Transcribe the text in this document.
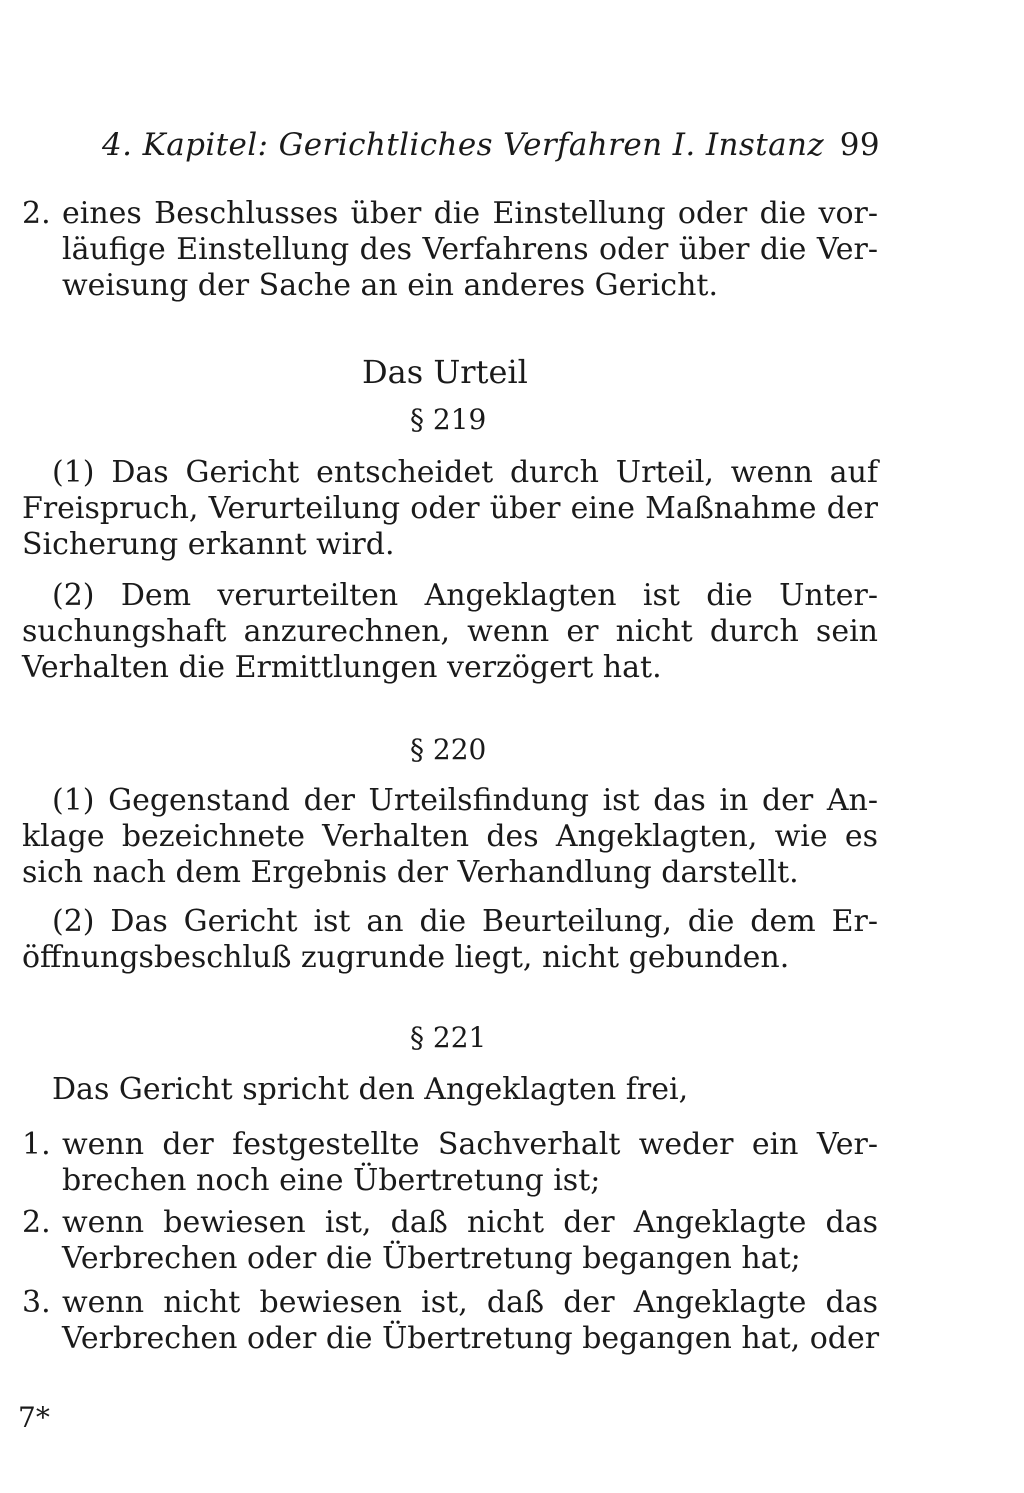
4. Kapitel: Gerichtliches Verfahren I. Instanz 99
2. eines Beschlusses über die Einstellung oder die vor-
läufige Einstellung des Verfahrens oder über die Ver-
weisung der Sache an ein anderes Gericht.
Das Urteil
§ 219
(1) Das Gericht entscheidet durch Urteil, wenn auf
Freispruch, Verurteilung oder über eine Maßnahme der
Sicherung erkannt wird.
(2) Dem verurteilten Angeklagten ist die Unter-
suchungshaft anzurechnen, wenn er nicht durch sein
Verhalten die Ermittlungen verzögert hat.
§ 220
(1) Gegenstand der Urteilsfindung ist das in der An-
klage bezeichnete Verhalten des Angeklagten, wie es
sich nach dem Ergebnis der Verhandlung darstellt.
(2) Das Gericht ist an die Beurteilung, die dem Er-
öffnungsbeschluß zugrunde liegt, nicht gebunden.
§ 221
Das Gericht spricht den Angeklagten frei,
1. wenn der festgestellte Sachverhalt weder ein Ver-
brechen noch eine Übertretung ist;
2. wenn bewiesen ist, daß nicht der Angeklagte das
Verbrechen oder die Übertretung begangen hat;
3. wenn nicht bewiesen ist, daß der Angeklagte das
Verbrechen oder die Übertretung begangen hat, oder
7*
